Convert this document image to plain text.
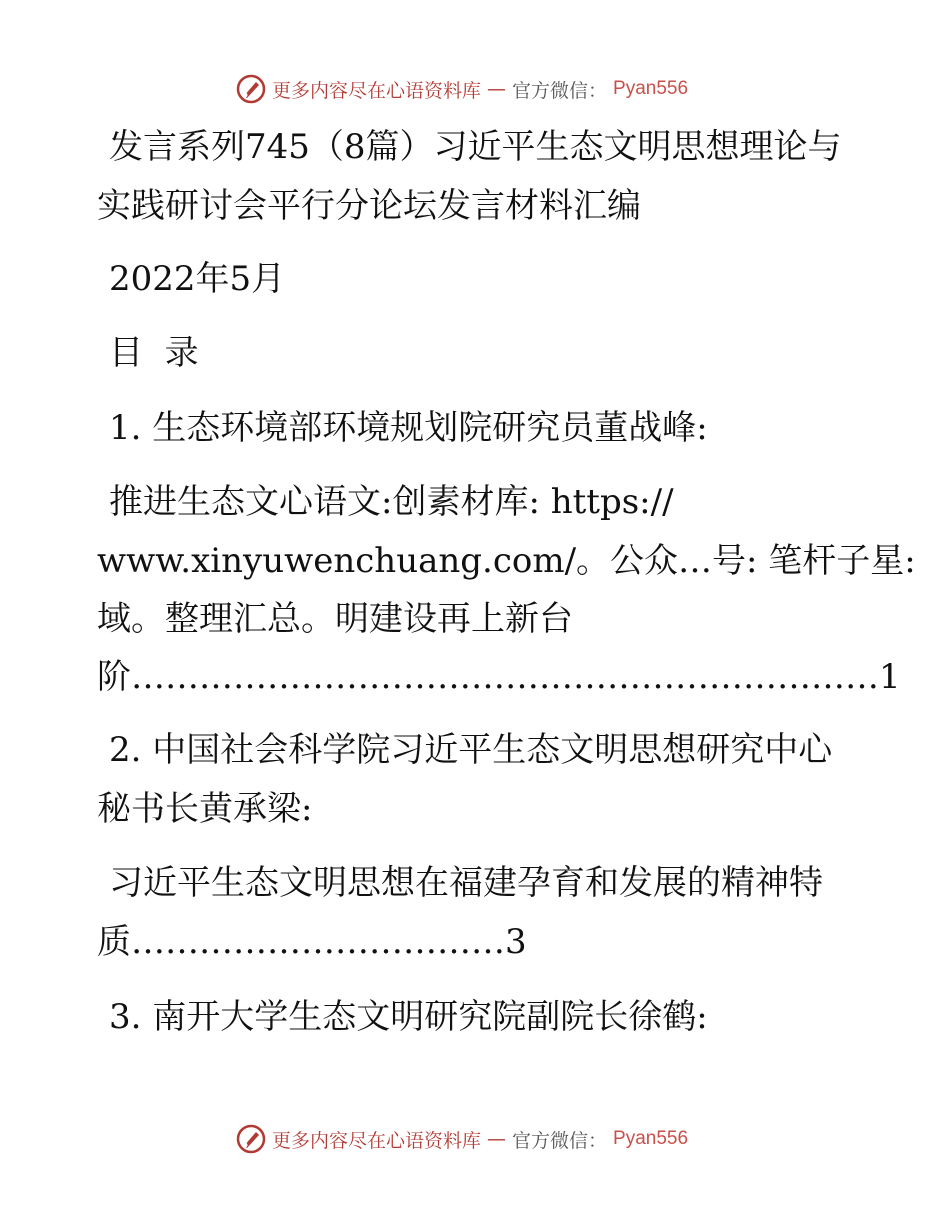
更多内容尽在心语资料库 — 官方微信： Pyan556
发言系列745（8篇）习近平生态文明思想理论与
实践研讨会平行分论坛发言材料汇编
2022年5月
目  录
1. 生态环境部环境规划院研究员董战峰:
推进生态文心语文:创素材库: https://
www.xinyuwenchuang.com/。公众…号: 笔杆子星:
域。整理汇总。明建设再上新台
阶…………………………………………………………1
2. 中国社会科学院习近平生态文明思想研究中心
秘书长黄承梁:
习近平生态文明思想在福建孕育和发展的精神特
质……………………………3
3. 南开大学生态文明研究院副院长徐鹤:
更多内容尽在心语资料库 — 官方微信： Pyan556
